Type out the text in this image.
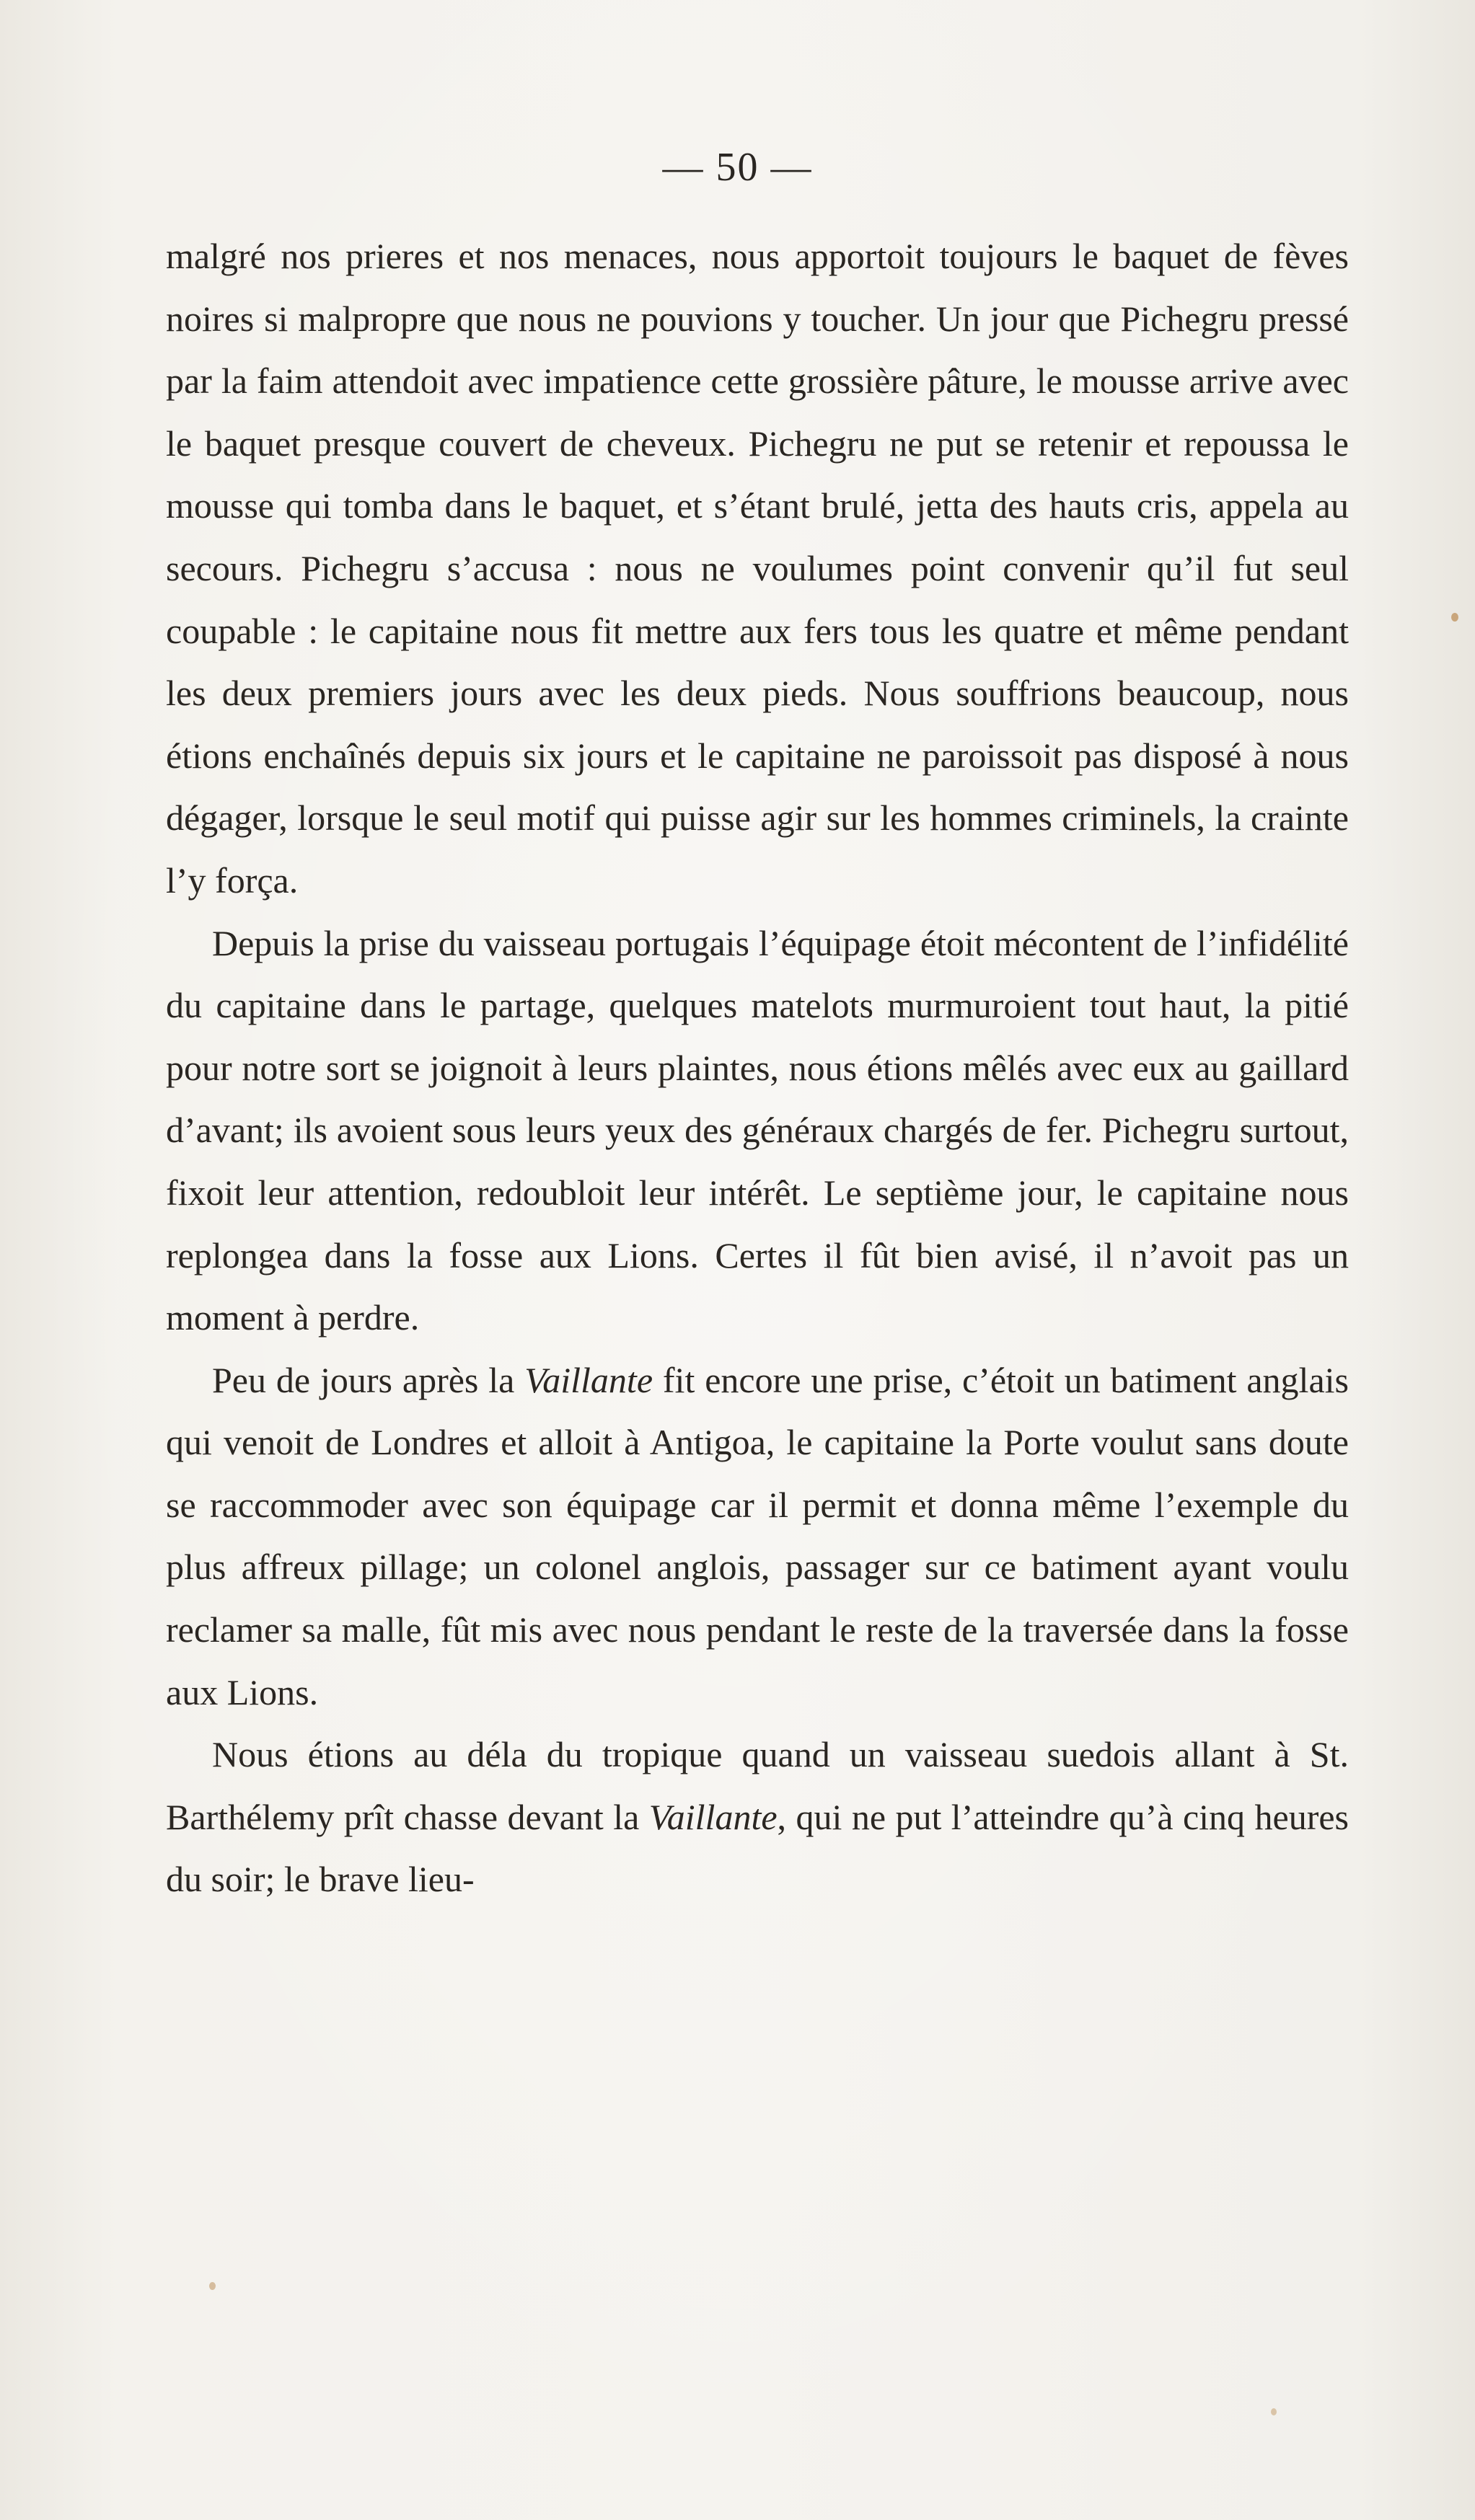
— 50 —

malgré nos prieres et nos menaces, nous apportoit toujours le baquet de fèves noires si malpropre que nous ne pouvions y toucher. Un jour que Pichegru pressé par la faim attendoit avec impatience cette grossière pâture, le mousse arrive avec le baquet presque couvert de cheveux. Pichegru ne put se retenir et repoussa le mousse qui tomba dans le baquet, et s’étant brulé, jetta des hauts cris, appela au secours. Pichegru s’accusa : nous ne voulumes point convenir qu’il fut seul coupable : le capitaine nous fit mettre aux fers tous les quatre et même pendant les deux premiers jours avec les deux pieds. Nous souffrions beaucoup, nous étions enchaînés depuis six jours et le capitaine ne paroissoit pas disposé à nous dégager, lorsque le seul motif qui puisse agir sur les hommes criminels, la crainte l’y força.

Depuis la prise du vaisseau portugais l’équipage étoit mécontent de l’infidélité du capitaine dans le partage, quelques matelots murmuroient tout haut, la pitié pour notre sort se joignoit à leurs plaintes, nous étions mêlés avec eux au gaillard d’avant; ils avoient sous leurs yeux des généraux chargés de fer. Pichegru surtout, fixoit leur attention, redoubloit leur intérêt. Le septième jour, le capitaine nous replongea dans la fosse aux Lions. Certes il fût bien avisé, il n’avoit pas un moment à perdre.

Peu de jours après la Vaillante fit encore une prise, c’étoit un batiment anglais qui venoit de Londres et alloit à Antigoa, le capitaine la Porte voulut sans doute se raccommoder avec son équipage car il permit et donna même l’exemple du plus affreux pillage; un colonel anglois, passager sur ce batiment ayant voulu reclamer sa malle, fût mis avec nous pendant le reste de la traversée dans la fosse aux Lions.

Nous étions au déla du tropique quand un vaisseau suedois allant à St. Barthélemy prît chasse devant la Vaillante, qui ne put l’atteindre qu’à cinq heures du soir; le brave lieu-
